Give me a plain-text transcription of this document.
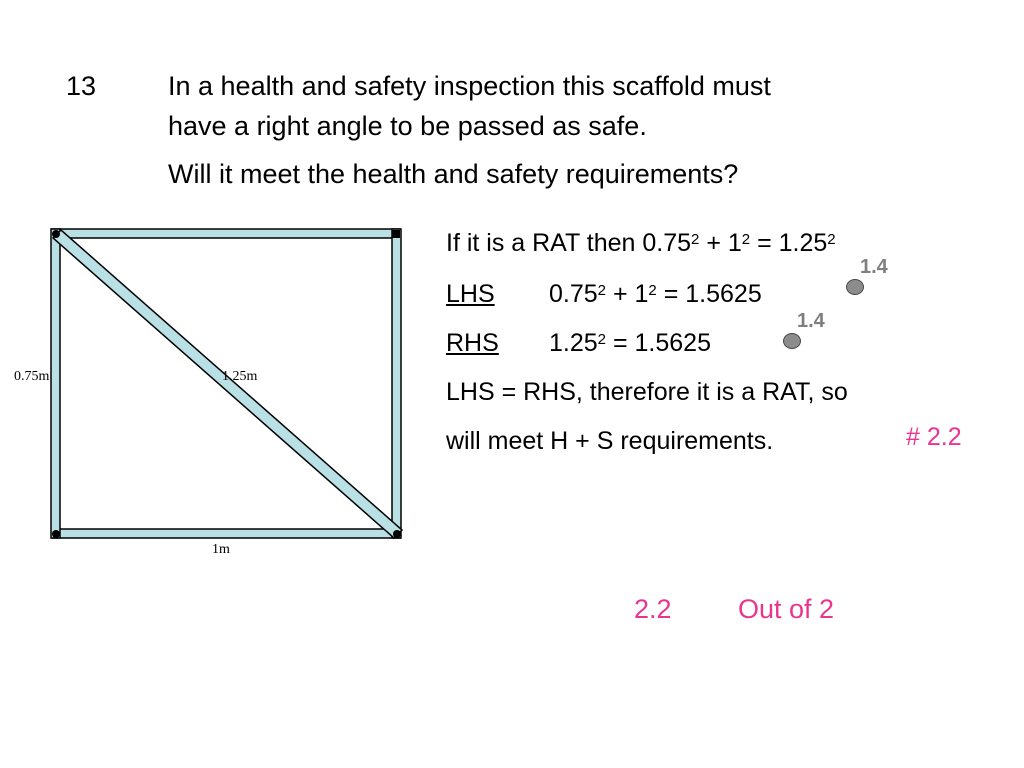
13	In a health and safety inspection this scaffold must
have a right angle to be passed as safe.
Will it meet the health and safety requirements?
0.75m	1.25m
1m
If it is a RAT then $0.75^2 + 1^2 = 1.25^2$
LHS $0.75^2 + 1^2 = 1.5625$
RHS $1.25^2 = 1.5625$
LHS = RHS, therefore it is a RAT, so
will meet H + S requirements.
1.4
1.4
# 2.2
2.2 Out of 2
